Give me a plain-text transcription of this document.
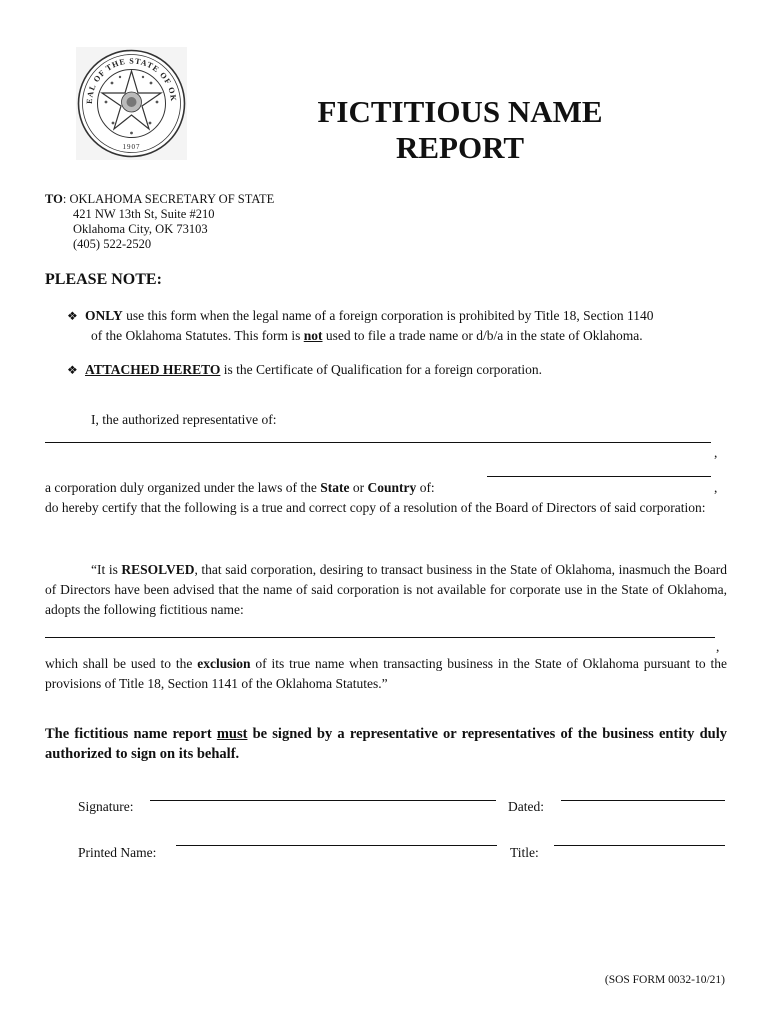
EAL OF THE STATE OF OK
1907
FICTITIOUS NAME
REPORT
TO: OKLAHOMA SECRETARY OF STATE
421 NW 13th St, Suite #210
Oklahoma City, OK 73103
(405) 522-2520
PLEASE NOTE:
❖ ONLY use this form when the legal name of a foreign corporation is prohibited by Title 18, Section 1140
of the Oklahoma Statutes. This form is not used to file a trade name or d/b/a in the state of Oklahoma.
❖ ATTACHED HERETO is the Certificate of Qualification for a foreign corporation.
I, the authorized representative of:
,
a corporation duly organized under the laws of the State or Country of:
do hereby certify that the following is a true and correct copy of a resolution of the Board of Directors of said corporation:
,
“It is RESOLVED, that said corporation, desiring to transact business in the State of Oklahoma, inasmuch the Board of Directors have been advised that the name of said corporation is not available for corporate use in the State of Oklahoma, adopts the following fictitious name:
,
which shall be used to the exclusion of its true name when transacting business in the State of Oklahoma pursuant to the provisions of Title 18, Section 1141 of the Oklahoma Statutes.”
The fictitious name report must be signed by a representative or representatives of the business entity duly authorized to sign on its behalf.
Signature:	Dated:
Printed Name:	Title:
(SOS FORM 0032-10/21)
